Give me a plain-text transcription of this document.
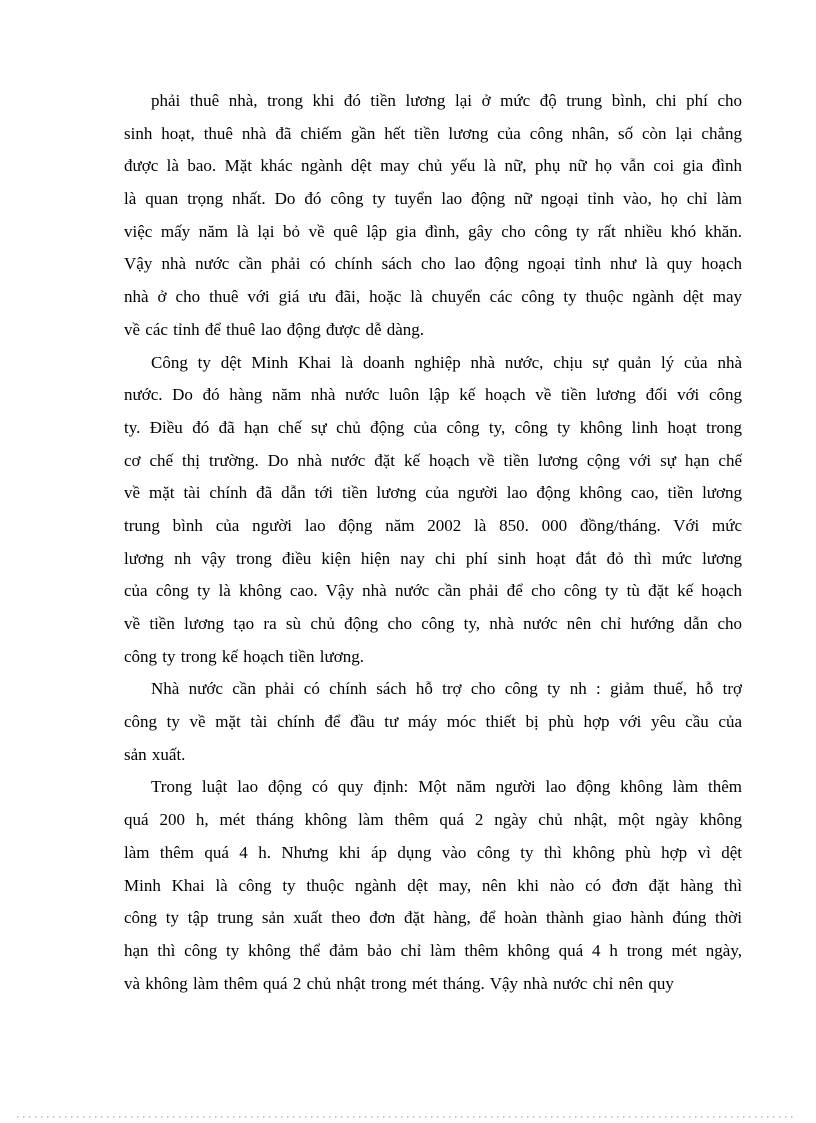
phải thuê nhà, trong khi đó tiền lương lại ở mức độ trung bình, chi phí cho
sinh hoạt, thuê nhà đã chiếm gần hết tiền lương của công nhân, số còn lại chẳng
được là bao. Mặt khác ngành dệt may chủ yếu là nữ, phụ nữ họ vẫn coi gia đình
là quan trọng nhất. Do đó công ty tuyển lao động nữ ngoại tỉnh vào, họ chỉ làm
việc mấy năm là lại bỏ về quê lập gia đình, gây cho công ty rất nhiều khó khăn.
Vậy nhà nước cần phải có chính sách cho lao động ngoại tỉnh như là quy hoạch
nhà ở cho thuê với giá ưu đãi, hoặc là chuyển các công ty thuộc ngành dệt may
về các tỉnh để thuê lao động được dễ dàng.
Công ty dệt Minh Khai là doanh nghiệp nhà nước, chịu sự quản lý của nhà
nước. Do đó hàng năm nhà nước luôn lập kế hoạch về tiền lương đối với công
ty. Điều đó đã hạn chế sự chủ động của công ty, công ty không linh hoạt trong
cơ chế thị trường. Do nhà nước đặt kế hoạch về tiền lương cộng với sự hạn chế
về mặt tài chính đã dẫn tới tiền lương của người lao động không cao, tiền lương
trung bình của người lao động năm 2002 là 850. 000 đồng/tháng. Với mức
lương nh vậy trong điều kiện hiện nay chi phí sinh hoạt đắt đỏ thì mức lương
của công ty là không cao. Vậy nhà nước cần phải để cho công ty tù đặt kế hoạch
về tiền lương tạo ra sù chủ động cho công ty, nhà nước nên chỉ hướng dẫn cho
công ty trong kế hoạch tiền lương.
Nhà nước cần phải có chính sách hỗ trợ cho công ty nh : giảm thuế, hỗ trợ
công ty về mặt tài chính để đầu tư máy móc thiết bị phù hợp với yêu cầu của
sản xuất.
Trong luật lao động có quy định: Một năm người lao động không làm thêm
quá 200 h, mét tháng không làm thêm quá 2 ngày chủ nhật, một ngày không
làm thêm quá 4 h. Nhưng khi áp dụng vào công ty thì không phù hợp vì dệt
Minh Khai là công ty thuộc ngành dệt may, nên khi nào có đơn đặt hàng thì
công ty tập trung sản xuất theo đơn đặt hàng, để hoàn thành giao hành đúng thời
hạn thì công ty không thể đảm bảo chỉ làm thêm không quá 4 h trong mét ngày,
và không làm thêm quá 2 chủ nhật trong mét tháng. Vậy nhà nước chỉ nên quy
